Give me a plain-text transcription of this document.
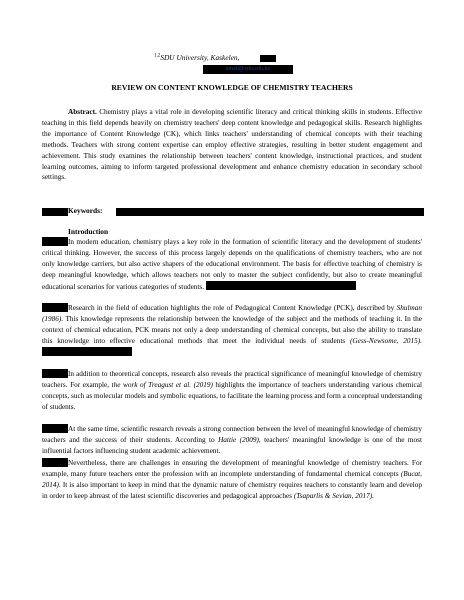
$^{1,2}$SDU University, Kaskelen,
email@sdu.edu.kz
REVIEW ON CONTENT KNOWLEDGE OF CHEMISTRY TEACHERS

Abstract. Chemistry plays a vital role in developing scientific literacy and critical thinking skills in students. Effective teaching in this field depends heavily on chemistry teachers' deep content knowledge and pedagogical skills. Research highlights the importance of Content Knowledge (CK), which links teachers' understanding of chemical concepts with their teaching methods. Teachers with strong content expertise can employ effective strategies, resulting in better student engagement and achievement. This study examines the relationship between teachers' content knowledge, instructional practices, and student learning outcomes, aiming to inform targeted professional development and enhance chemistry education in secondary school settings.

Keywords:
Introduction

In modern education, chemistry plays a key role in the formation of scientific literacy and the development of students' critical thinking. However, the success of this process largely depends on the qualifications of chemistry teachers, who are not only knowledge carriers, but also active shapers of the educational environment. The basis for effective teaching of chemistry is deep meaningful knowledge, which allows teachers not only to master the subject confidently, but also to create meaningful educational scenarios for various categories of students.

Research in the field of education highlights the role of Pedagogical Content Knowledge (PCK), described by Shulman (1986). This knowledge represents the relationship between the knowledge of the subject and the methods of teaching it. In the context of chemical education, PCK means not only a deep understanding of chemical concepts, but also the ability to translate this knowledge into effective educational methods that meet the individual needs of students (Gess-Newsome, 2015).

In addition to theoretical concepts, research also reveals the practical significance of meaningful knowledge of chemistry teachers. For example, the work of Treagust et al. (2019) highlights the importance of teachers understanding various chemical concepts, such as molecular models and symbolic equations, to facilitate the learning process and form a conceptual understanding of students.

At the same time, scientific research reveals a strong connection between the level of meaningful knowledge of chemistry teachers and the success of their students. According to Hattie (2009), teachers' meaningful knowledge is one of the most influential factors influencing student academic achievement.

Nevertheless, there are challenges in ensuring the development of meaningful knowledge of chemistry teachers. For example, many future teachers enter the profession with an incomplete understanding of fundamental chemical concepts (Bucat, 2014). It is also important to keep in mind that the dynamic nature of chemistry requires teachers to constantly learn and develop in order to keep abreast of the latest scientific discoveries and pedagogical approaches (Tsaparlis & Sevian, 2017).
